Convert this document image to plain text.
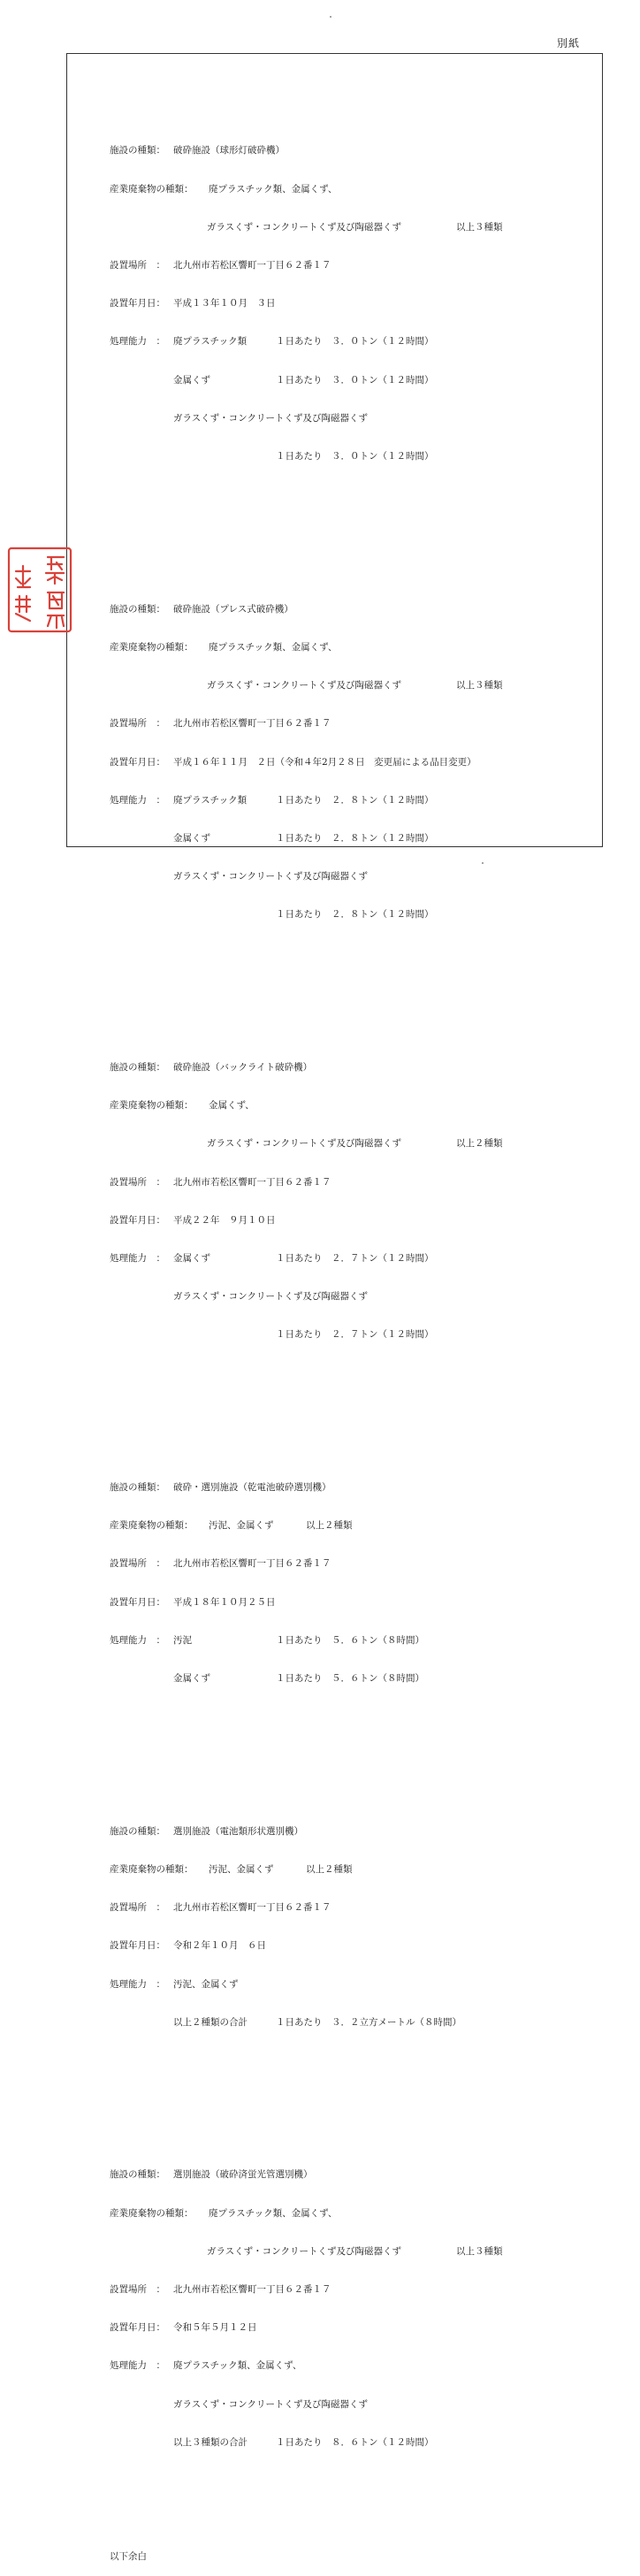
別紙

施設の種類： 破砕施設（球形灯破砕機）

産業廃棄物の種類： 廃プラスチック類、金属くず、

ガラスくず・コンクリートくず及び陶磁器くず	以上３種類

設置場所　： 北九州市若松区響町一丁目６２番１７

設置年月日： 平成１３年１０月　３日

処理能力　： 廃プラスチック類	１日あたり　３．０トン（１２時間）

金属くず	１日あたり　３．０トン（１２時間）

ガラスくず・コンクリートくず及び陶磁器くず

１日あたり　３．０トン（１２時間）

施設の種類： 破砕施設（プレス式破砕機）

産業廃棄物の種類： 廃プラスチック類、金属くず、

ガラスくず・コンクリートくず及び陶磁器くず	以上３種類

設置場所　： 北九州市若松区響町一丁目６２番１７

設置年月日： 平成１６年１１月　２日（令和４年2月２８日　変更届による品目変更）

処理能力　： 廃プラスチック類	１日あたり　２．８トン（１２時間）

金属くず	１日あたり　２．８トン（１２時間）

ガラスくず・コンクリートくず及び陶磁器くず

１日あたり　２．８トン（１２時間）

施設の種類： 破砕施設（バックライト破砕機）

産業廃棄物の種類： 金属くず、

ガラスくず・コンクリートくず及び陶磁器くず	以上２種類

設置場所　： 北九州市若松区響町一丁目６２番１７

設置年月日： 平成２２年　９月１０日

処理能力　： 金属くず	１日あたり　２．７トン（１２時間）

ガラスくず・コンクリートくず及び陶磁器くず

１日あたり　２．７トン（１２時間）

施設の種類： 破砕・選別施設（乾電池破砕選別機）

産業廃棄物の種類： 汚泥、金属くず	以上２種類

設置場所　： 北九州市若松区響町一丁目６２番１７

設置年月日： 平成１８年１０月２５日

処理能力　： 汚泥	１日あたり　５．６トン（８時間）

金属くず	１日あたり　５．６トン（８時間）

施設の種類： 選別施設（電池類形状選別機）

産業廃棄物の種類： 汚泥、金属くず	以上２種類

設置場所　： 北九州市若松区響町一丁目６２番１７

設置年月日： 令和２年１０月　６日

処理能力　： 汚泥、金属くず

以上２種類の合計	１日あたり　３．２立方メートル（８時間）

施設の種類： 選別施設（破砕済蛍光管選別機）

産業廃棄物の種類： 廃プラスチック類、金属くず、

ガラスくず・コンクリートくず及び陶磁器くず	以上３種類

設置場所　： 北九州市若松区響町一丁目６２番１７

設置年月日： 令和５年５月１２日

処理能力　： 廃プラスチック類、金属くず、

ガラスくず・コンクリートくず及び陶磁器くず

以上３種類の合計	１日あたり　８．６トン（１２時間）

以下余白
